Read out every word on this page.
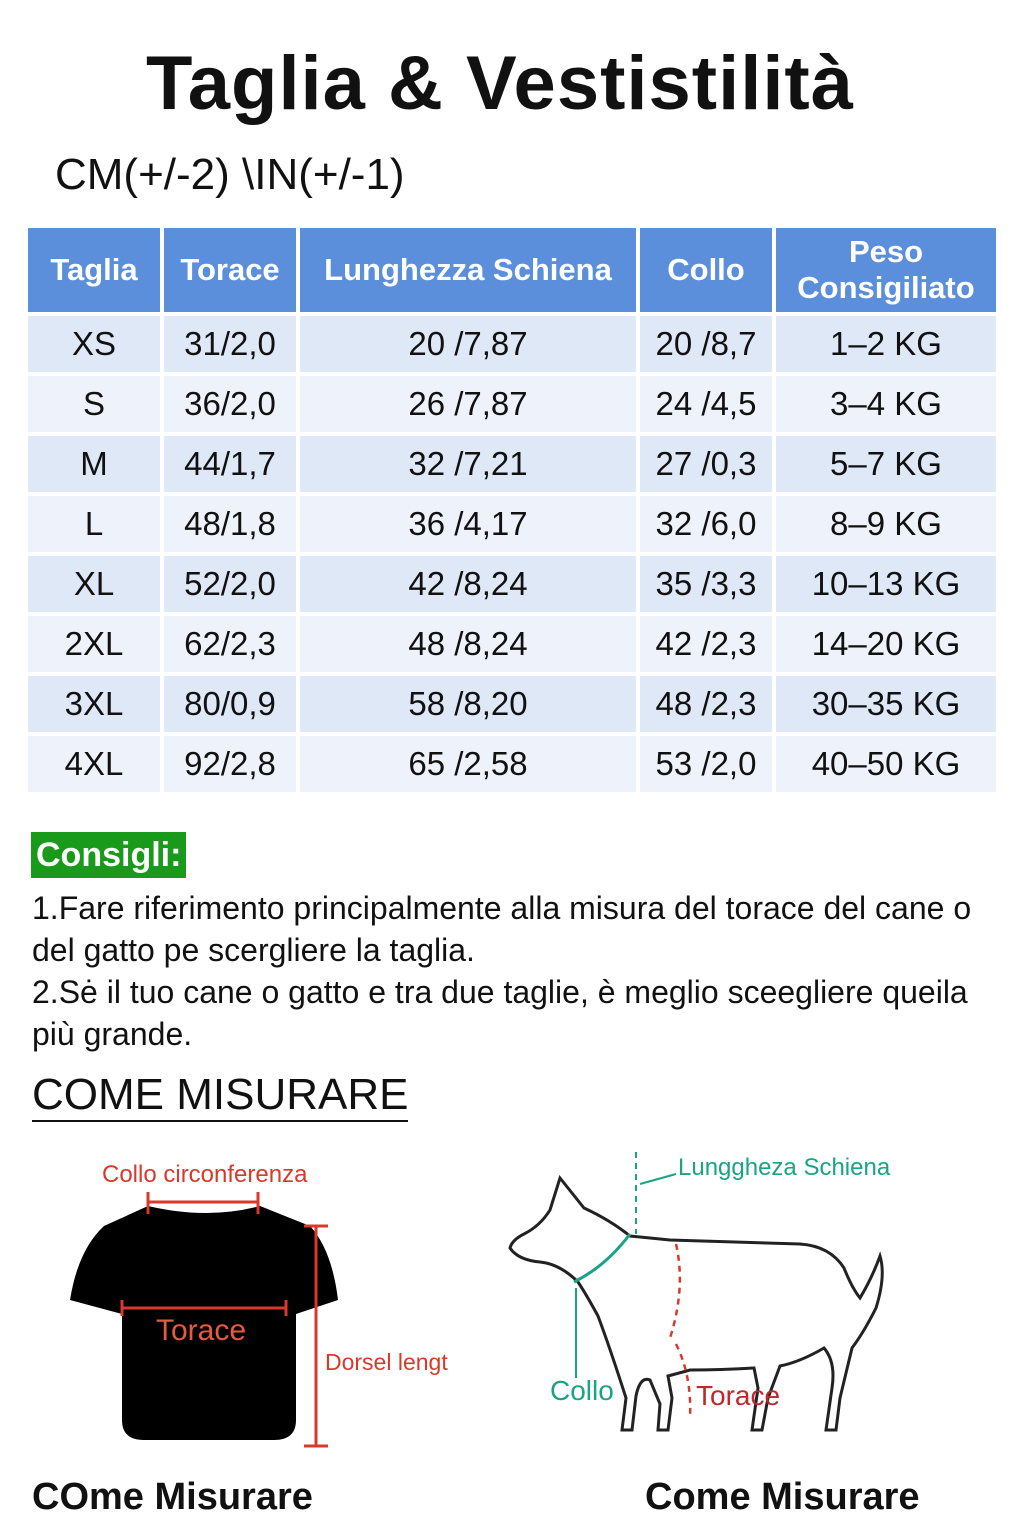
Taglia & Vestistilità
CM(+/-2) \IN(+/-1)
Taglia	Torace	Lunghezza Schiena	Collo	Peso Consigiliato
XS	31/2,0	20 /7,87	20 /8,7	1–2 KG
S	36/2,0	26 /7,87	24 /4,5	3–4 KG
M	44/1,7	32 /7,21	27 /0,3	5–7 KG
L	48/1,8	36 /4,17	32 /6,0	8–9 KG
XL	52/2,0	42 /8,24	35 /3,3	10–13 KG
2XL	62/2,3	48 /8,24	42 /2,3	14–20 KG
3XL	80/0,9	58 /8,20	48 /2,3	30–35 KG
4XL	92/2,8	65 /2,58	53 /2,0	40–50 KG
Consigli:
1.Fare riferimento principalmente alla misura del torace del cane o del gatto pe scergliere la taglia.
2.Sė il tuo cane o gatto e tra due taglie, è meglio sceegliere queila più grande.
COME MISURARE
Collo circonferenza
Torace
Dorsel lengt
COme Misurare
Lunggheza Schiena
Collo	Torace
Come Misurare
